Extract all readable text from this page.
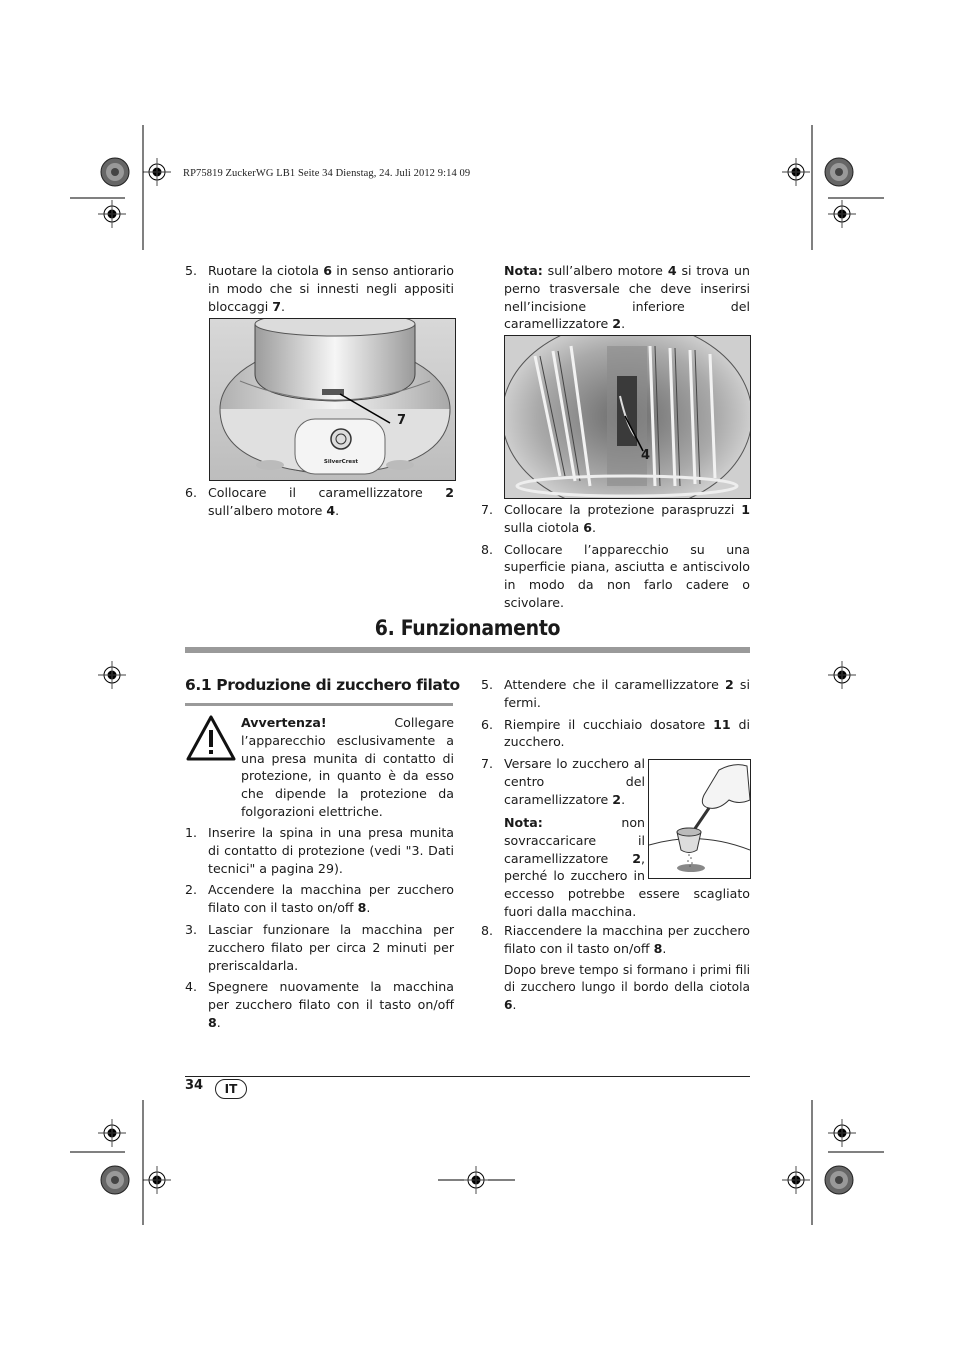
RP75819 ZuckerWG LB1 Seite 34 Dienstag, 24. Juli 2012 9:14 09

5. Ruotare la ciotola 6 in senso antiorario in modo che si innesti negli appositi bloccaggi 7.

SilverCrest
7

6. Collocare il caramellizzatore 2 sull’albero motore 4.

Nota: sull’albero motore 4 si trova un perno trasversale che deve inserirsi nell’incisione inferiore del caramellizzatore 2.

4

7. Collocare la protezione paraspruzzi 1 sulla ciotola 6.

8. Collocare l’apparecchio su una superficie piana, asciutta e antiscivolo in modo da non farlo cadere o scivolare.

6. Funzionamento
6.1 Produzione di zucchero filato

Avvertenza! Collegare l’apparecchio esclusivamente a una presa munita di contatto di protezione, in quanto è da esso che dipende la protezione da folgorazioni elettriche.

1. Inserire la spina in una presa munita di contatto di protezione (vedi "3. Dati tecnici" a pagina 29).

2. Accendere la macchina per zucchero filato con il tasto on/off 8.

3. Lasciar funzionare la macchina per zucchero filato per circa 2 minuti per preriscaldarla.

4. Spegnere nuovamente la macchina per zucchero filato con il tasto on/off 8.

5. Attendere che il caramellizzatore 2 si fermi.

6. Riempire il cucchiaio dosatore 11 di zucchero.

7. Versare lo zucchero al centro del caramellizzatore 2.

Nota: non sovraccaricare il caramellizzatore 2, perché lo zucchero in eccesso potrebbe essere scagliato fuori dalla macchina.

8. Riaccendere la macchina per zucchero filato con il tasto on/off 8.

Dopo breve tempo si formano i primi fili di zucchero lungo il bordo della ciotola 6.

34	IT
